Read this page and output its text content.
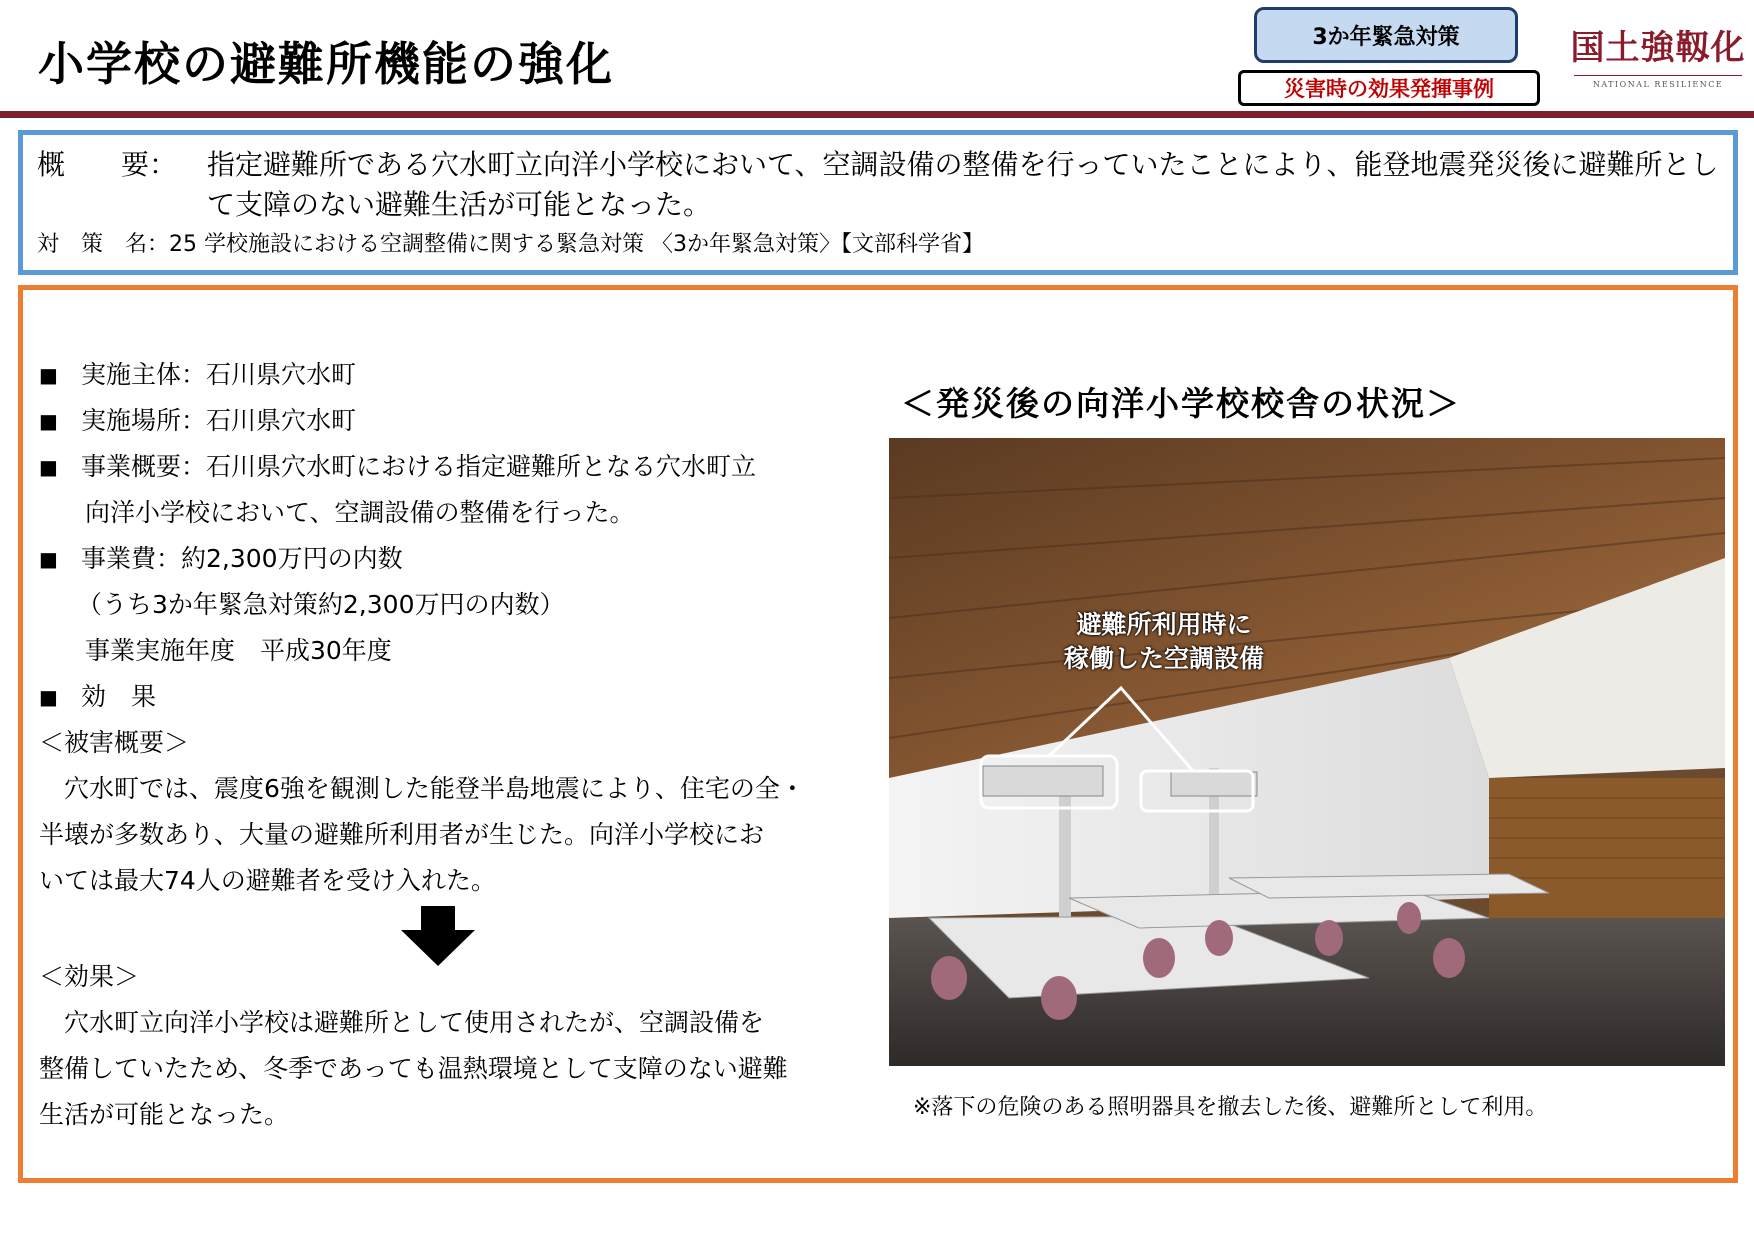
小学校の避難所機能の強化	3か年緊急対策
災害時の効果発揮事例
国土強靱化
NATIONAL RESILIENCE
概　　要：	指定避難所である穴水町立向洋小学校において、空調設備の整備を行っていたことにより、能登地震発災後に避難所として支障のない避難生活が可能となった。
対　策　名：25 学校施設における空調整備に関する緊急対策 〈3か年緊急対策〉【文部科学省】
■ 実施主体：石川県穴水町
■ 実施場所：石川県穴水町
■ 事業概要：石川県穴水町における指定避難所となる穴水町立
向洋小学校において、空調設備の整備を行った。
■ 事業費：約2,300万円の内数
（うち3か年緊急対策約2,300万円の内数）
事業実施年度　平成30年度
■ 効　果
＜被害概要＞
　穴水町では、震度6強を観測した能登半島地震により、住宅の全・
半壊が多数あり、大量の避難所利用者が生じた。向洋小学校にお
いては最大74人の避難者を受け入れた。
＜効果＞
　穴水町立向洋小学校は避難所として使用されたが、空調設備を
整備していたため、冬季であっても温熱環境として支障のない避難
生活が可能となった。
＜発災後の向洋小学校校舎の状況＞
避難所利用時に
稼働した空調設備
※落下の危険のある照明器具を撤去した後、避難所として利用。
